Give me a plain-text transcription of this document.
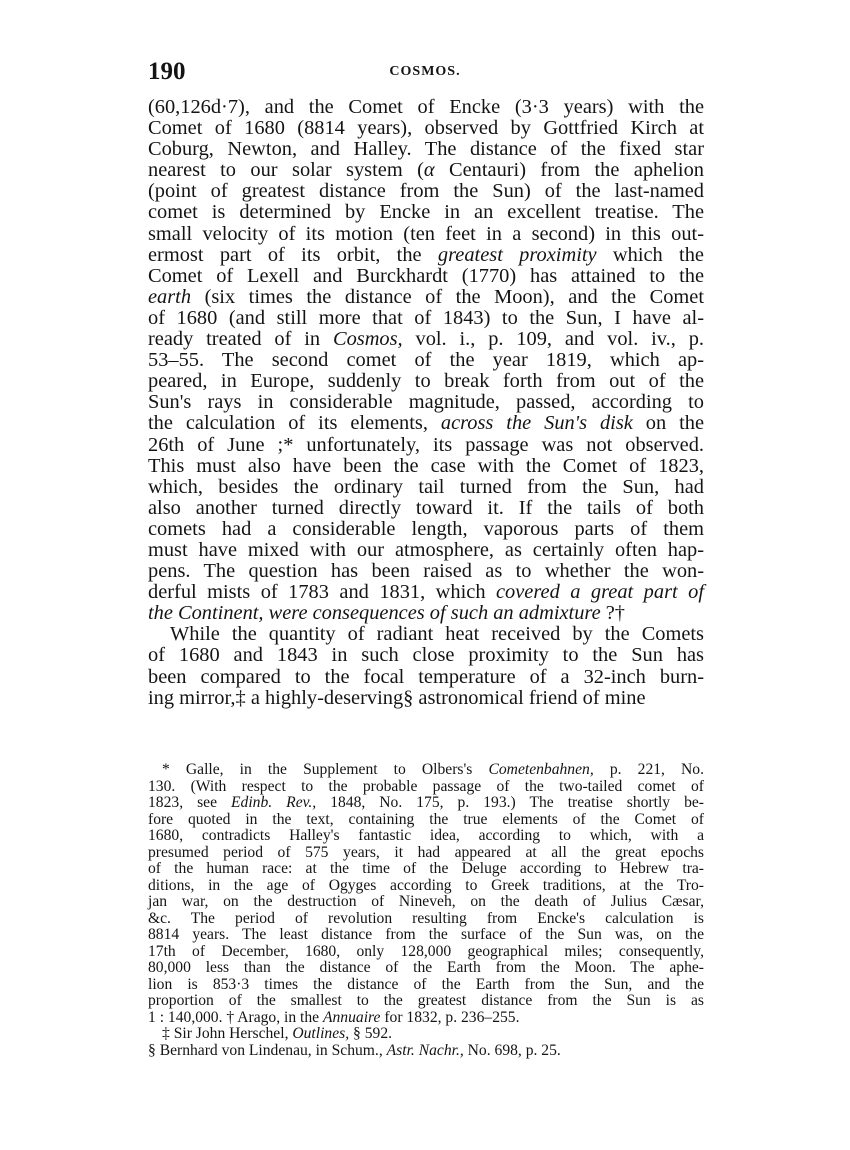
190	COSMOS.
(60,126d·7), and the Comet of Encke (3·3 years) with the
Comet of 1680 (8814 years), observed by Gottfried Kirch at
Coburg, Newton, and Halley. The distance of the fixed star
nearest to our solar system (α Centauri) from the aphelion
(point of greatest distance from the Sun) of the last-named
comet is determined by Encke in an excellent treatise. The
small velocity of its motion (ten feet in a second) in this out-
ermost part of its orbit, the greatest proximity which the
Comet of Lexell and Burckhardt (1770) has attained to the
earth (six times the distance of the Moon), and the Comet
of 1680 (and still more that of 1843) to the Sun, I have al-
ready treated of in Cosmos, vol. i., p. 109, and vol. iv., p.
53–55. The second comet of the year 1819, which ap-
peared, in Europe, suddenly to break forth from out of the
Sun's rays in considerable magnitude, passed, according to
the calculation of its elements, across the Sun's disk on the
26th of June ;* unfortunately, its passage was not observed.
This must also have been the case with the Comet of 1823,
which, besides the ordinary tail turned from the Sun, had
also another turned directly toward it. If the tails of both
comets had a considerable length, vaporous parts of them
must have mixed with our atmosphere, as certainly often hap-
pens. The question has been raised as to whether the won-
derful mists of 1783 and 1831, which covered a great part of
the Continent, were consequences of such an admixture ?†
While the quantity of radiant heat received by the Comets
of 1680 and 1843 in such close proximity to the Sun has
been compared to the focal temperature of a 32-inch burn-
ing mirror,‡ a highly-deserving§ astronomical friend of mine
* Galle, in the Supplement to Olbers's Cometenbahnen, p. 221, No.
130. (With respect to the probable passage of the two-tailed comet of
1823, see Edinb. Rev., 1848, No. 175, p. 193.) The treatise shortly be-
fore quoted in the text, containing the true elements of the Comet of
1680, contradicts Halley's fantastic idea, according to which, with a
presumed period of 575 years, it had appeared at all the great epochs
of the human race: at the time of the Deluge according to Hebrew tra-
ditions, in the age of Ogyges according to Greek traditions, at the Tro-
jan war, on the destruction of Nineveh, on the death of Julius Cæsar,
&c. The period of revolution resulting from Encke's calculation is
8814 years. The least distance from the surface of the Sun was, on the
17th of December, 1680, only 128,000 geographical miles; consequently,
80,000 less than the distance of the Earth from the Moon. The aphe-
lion is 853·3 times the distance of the Earth from the Sun, and the
proportion of the smallest to the greatest distance from the Sun is as
1 : 140,000. † Arago, in the Annuaire for 1832, p. 236–255.
‡ Sir John Herschel, Outlines, § 592.
§ Bernhard von Lindenau, in Schum., Astr. Nachr., No. 698, p. 25.
